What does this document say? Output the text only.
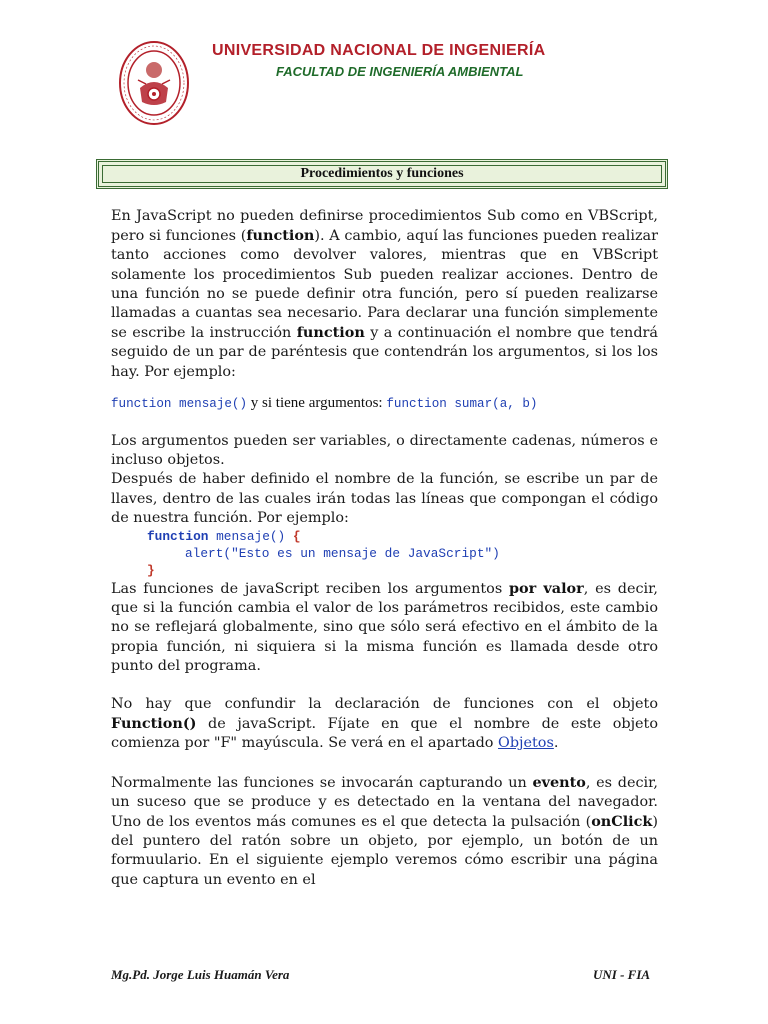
UNIVERSIDAD NACIONAL DE INGENIERÍA
FACULTAD DE INGENIERÍA AMBIENTAL
Procedimientos y funciones

En JavaScript no pueden definirse procedimientos Sub como en VBScript, pero si funciones (function). A cambio, aquí las funciones pueden realizar tanto acciones como devolver valores, mientras que en VBScript solamente los procedimientos Sub pueden realizar acciones. Dentro de una función no se puede definir otra función, pero sí pueden realizarse llamadas a cuantas sea necesario. Para declarar una función simplemente se escribe la instrucción function y a continuación el nombre que tendrá seguido de un par de paréntesis que contendrán los argumentos, si los los hay. Por ejemplo:

function mensaje() y si tiene argumentos: function sumar(a, b)

Los argumentos pueden ser variables, o directamente cadenas, números e incluso objetos.

Después de haber definido el nombre de la función, se escribe un par de llaves, dentro de las cuales irán todas las líneas que compongan el código de nuestra función. Por ejemplo:

function mensaje() {
alert("Esto es un mensaje de JavaScript")
}

Las funciones de javaScript reciben los argumentos por valor, es decir, que si la función cambia el valor de los parámetros recibidos, este cambio no se reflejará globalmente, sino que sólo será efectivo en el ámbito de la propia función, ni siquiera si la misma función es llamada desde otro punto del programa.

No hay que confundir la declaración de funciones con el objeto Function() de javaScript. Fíjate en que el nombre de este objeto comienza por "F" mayúscula. Se verá en el apartado Objetos.

Normalmente las funciones se invocarán capturando un evento, es decir, un suceso que se produce y es detectado en la ventana del navegador. Uno de los eventos más comunes es el que detecta la pulsación (onClick) del puntero del ratón sobre un objeto, por ejemplo, un botón de un formuulario. En el siguiente ejemplo veremos cómo escribir una página que captura un evento en el

Mg.Pd. Jorge Luis Huamán Vera	UNI - FIA
